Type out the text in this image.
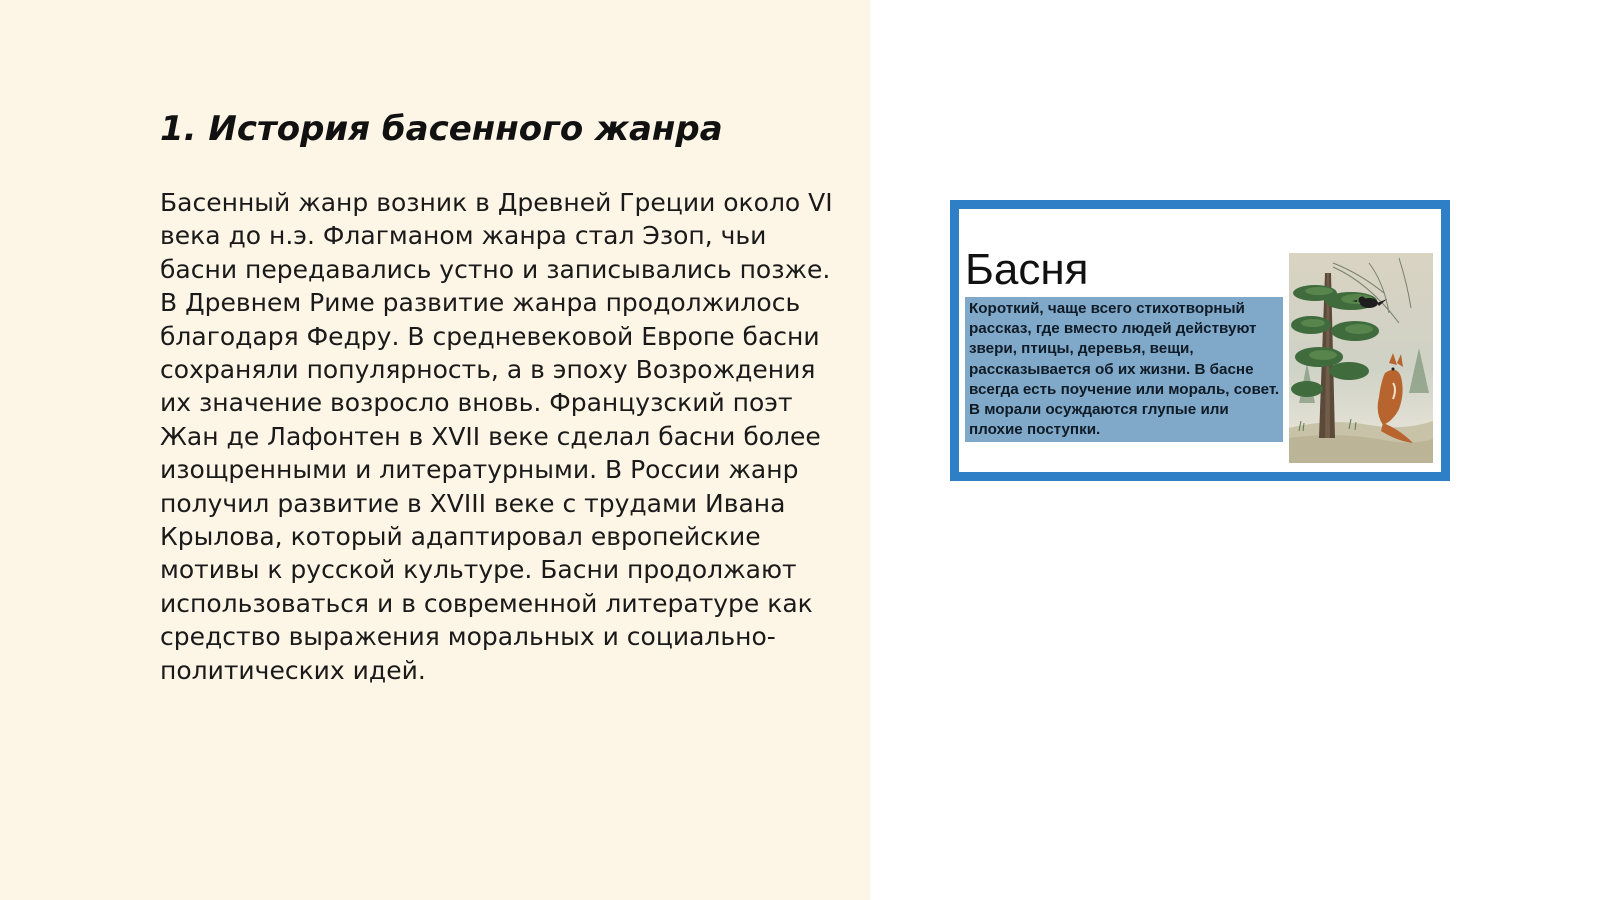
1. История басенного жанра

Басенный жанр возник в Древней Греции около VI века до н.э. Флагманом жанра стал Эзоп, чьи басни передавались устно и записывались позже. В Древнем Риме развитие жанра продолжилось благодаря Федру. В средневековой Европе басни сохраняли популярность, а в эпоху Возрождения их значение возросло вновь. Французский поэт Жан де Лафонтен в XVII веке сделал басни более изощренными и литературными. В России жанр получил развитие в XVIII веке с трудами Ивана Крылова, который адаптировал европейские мотивы к русской культуре. Басни продолжают использоваться и в современной литературе как средство выражения моральных и социально-политических идей.

Басня
Короткий, чаще всего стихотворный рассказ, где вместо людей действуют звери, птицы, деревья, вещи, рассказывается об их жизни. В басне всегда есть поучение или мораль, совет. В морали осуждаются глупые или плохие поступки.
